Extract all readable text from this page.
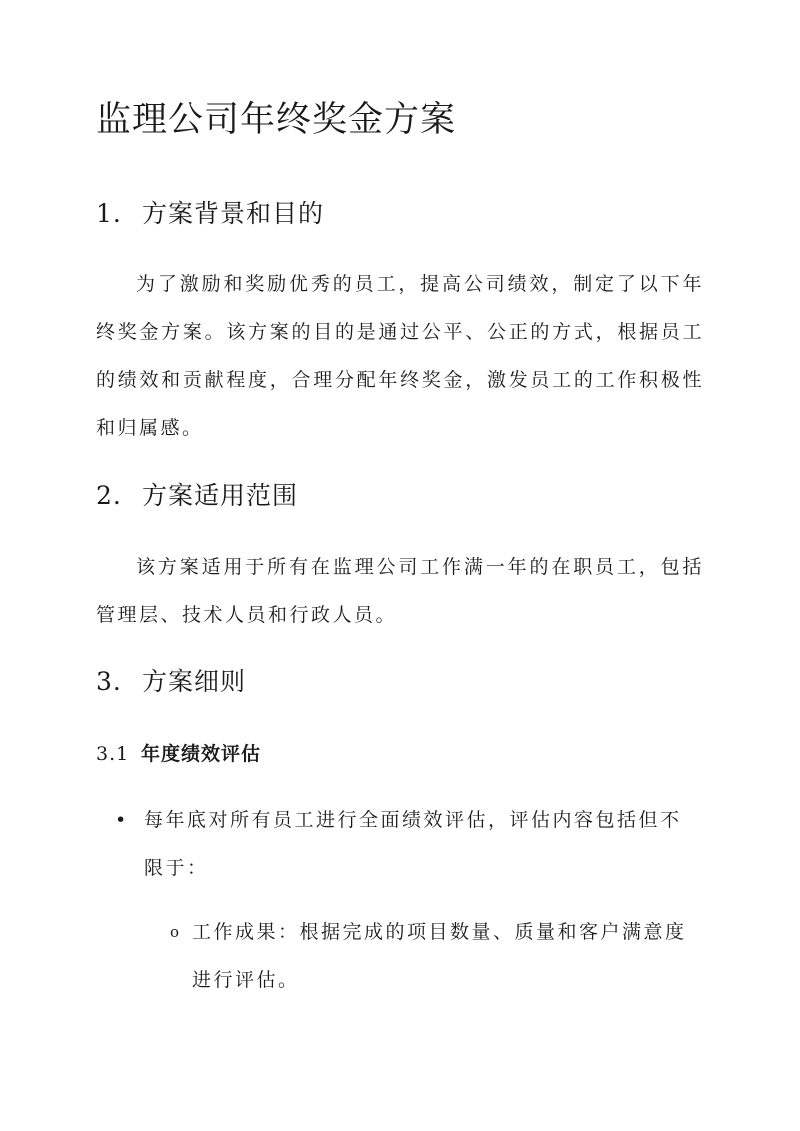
监理公司年终奖金方案
1. 方案背景和目的

为了激励和奖励优秀的员工，提高公司绩效，制定了以下年终奖金方案。该方案的目的是通过公平、公正的方式，根据员工的绩效和贡献程度，合理分配年终奖金，激发员工的工作积极性和归属感。

2. 方案适用范围

该方案适用于所有在监理公司工作满一年的在职员工，包括管理层、技术人员和行政人员。

3. 方案细则
3.1 年度绩效评估
• 每年底对所有员工进行全面绩效评估，评估内容包括但不限于：

o 工作成果：根据完成的项目数量、质量和客户满意度进行评估。
